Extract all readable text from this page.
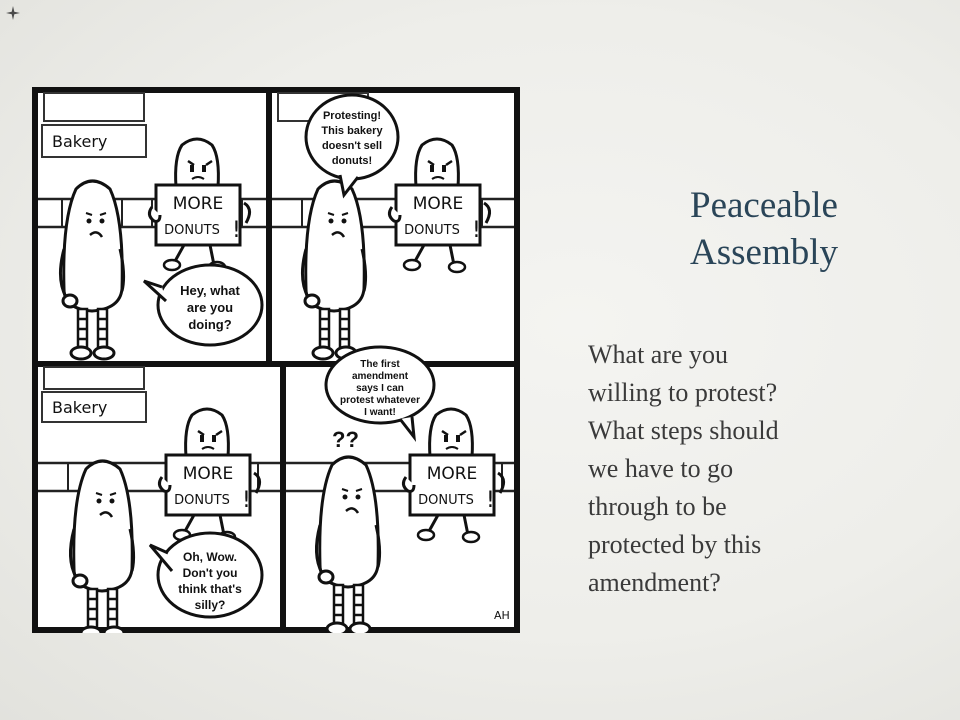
Bakery
Hey, what
are you
doing?
Protesting!
This bakery
doesn't sell
donuts!
Bakery
Oh, Wow.
Don't you
think that's
silly?
??
The first
amendment
says I can
protest whatever
I want!
AH
Peaceable
Assembly
What are you
willing to protest?
What steps should
we have to go
through to be
protected by this
amendment?
